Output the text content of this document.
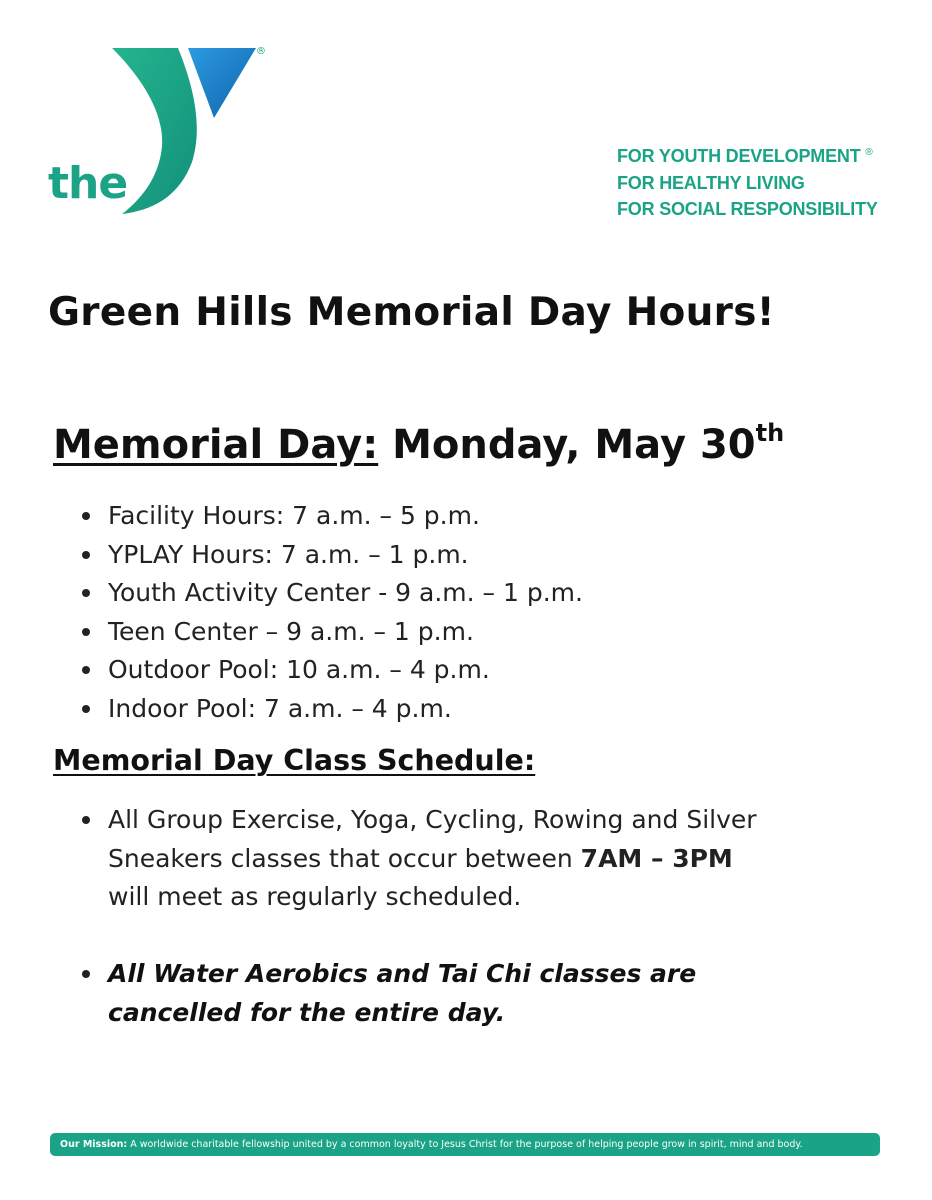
YMCA
the
®
FOR YOUTH DEVELOPMENT ®
FOR HEALTHY LIVING
FOR SOCIAL RESPONSIBILITY
Green Hills Memorial Day Hours!
Memorial Day: Monday, May 30th
Facility Hours: 7 a.m. – 5 p.m.
YPLAY Hours: 7 a.m. – 1 p.m.
Youth Activity Center - 9 a.m. – 1 p.m.
Teen Center – 9 a.m. – 1 p.m.
Outdoor Pool: 10 a.m. – 4 p.m.
Indoor Pool: 7 a.m. – 4 p.m.
Memorial Day Class Schedule:
All Group Exercise, Yoga, Cycling, Rowing and Silver
Sneakers classes that occur between 7AM – 3PM
will meet as regularly scheduled.
All Water Aerobics and Tai Chi classes are
cancelled for the entire day.
Our Mission: A worldwide charitable fellowship united by a common loyalty to Jesus Christ for the purpose of helping people grow in spirit, mind and body.
